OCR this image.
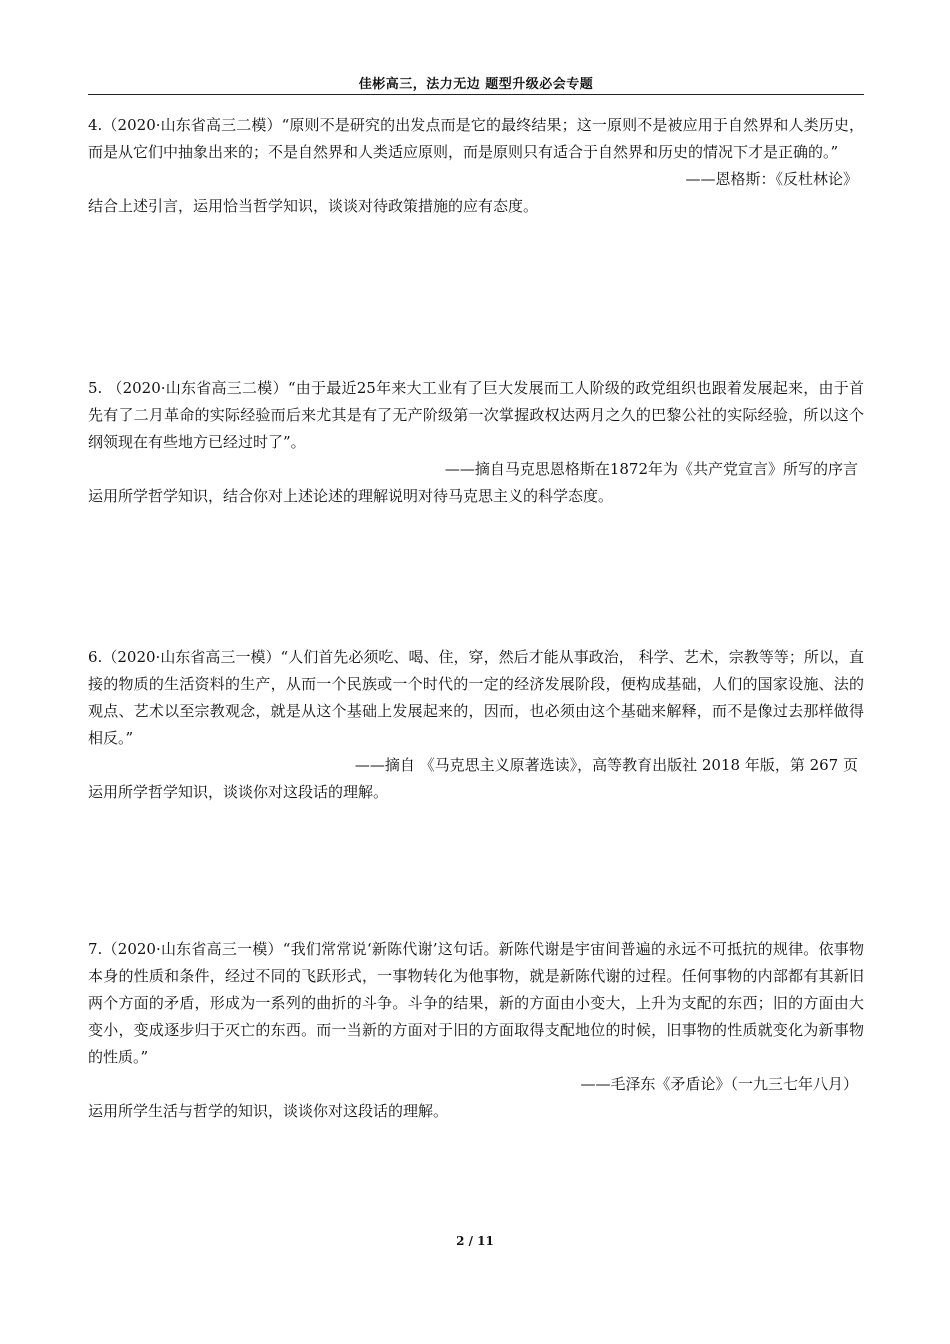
佳彬高三，法力无边 题型升级必会专题

4.（2020·山东省高三二模）“原则不是研究的出发点而是它的最终结果；这一原则不是被应用于自然界和人类历史，而是从它们中抽象出来的；不是自然界和人类适应原则，而是原则只有适合于自然界和历史的情况下才是正确的。”

——恩格斯：《反杜林论》

结合上述引言，运用恰当哲学知识，谈谈对待政策措施的应有态度。

5. （2020·山东省高三二模）“由于最近25年来大工业有了巨大发展而工人阶级的政党组织也跟着发展起来，由于首先有了二月革命的实际经验而后来尤其是有了无产阶级第一次掌握政权达两月之久的巴黎公社的实际经验，所以这个纲领现在有些地方已经过时了”。

——摘自马克思恩格斯在1872年为《共产党宣言》所写的序言

运用所学哲学知识，结合你对上述论述的理解说明对待马克思主义的科学态度。

6.（2020·山东省高三一模）“人们首先必须吃、喝、住，穿，然后才能从事政治， 科学、艺术，宗教等等；所以，直接的物质的生活资料的生产，从而一个民族或一个时代的一定的经济发展阶段，便构成基础，人们的国家设施、法的观点、艺术以至宗教观念，就是从这个基础上发展起来的，因而，也必须由这个基础来解释，而不是像过去那样做得相反。”

——摘自 《马克思主义原著选读》，高等教育出版社 2018 年版，第 267 页

运用所学哲学知识，谈谈你对这段话的理解。

7.（2020·山东省高三一模）“我们常常说‘新陈代谢’这句话。新陈代谢是宇宙间普遍的永远不可抵抗的规律。依事物本身的性质和条件，经过不同的飞跃形式，一事物转化为他事物，就是新陈代谢的过程。任何事物的内部都有其新旧两个方面的矛盾，形成为一系列的曲折的斗争。斗争的结果，新的方面由小变大，上升为支配的东西；旧的方面由大变小，变成逐步归于灭亡的东西。而一当新的方面对于旧的方面取得支配地位的时候，旧事物的性质就变化为新事物的性质。”

——毛泽东《矛盾论》（一九三七年八月）

运用所学生活与哲学的知识，谈谈你对这段话的理解。

2 / 11
